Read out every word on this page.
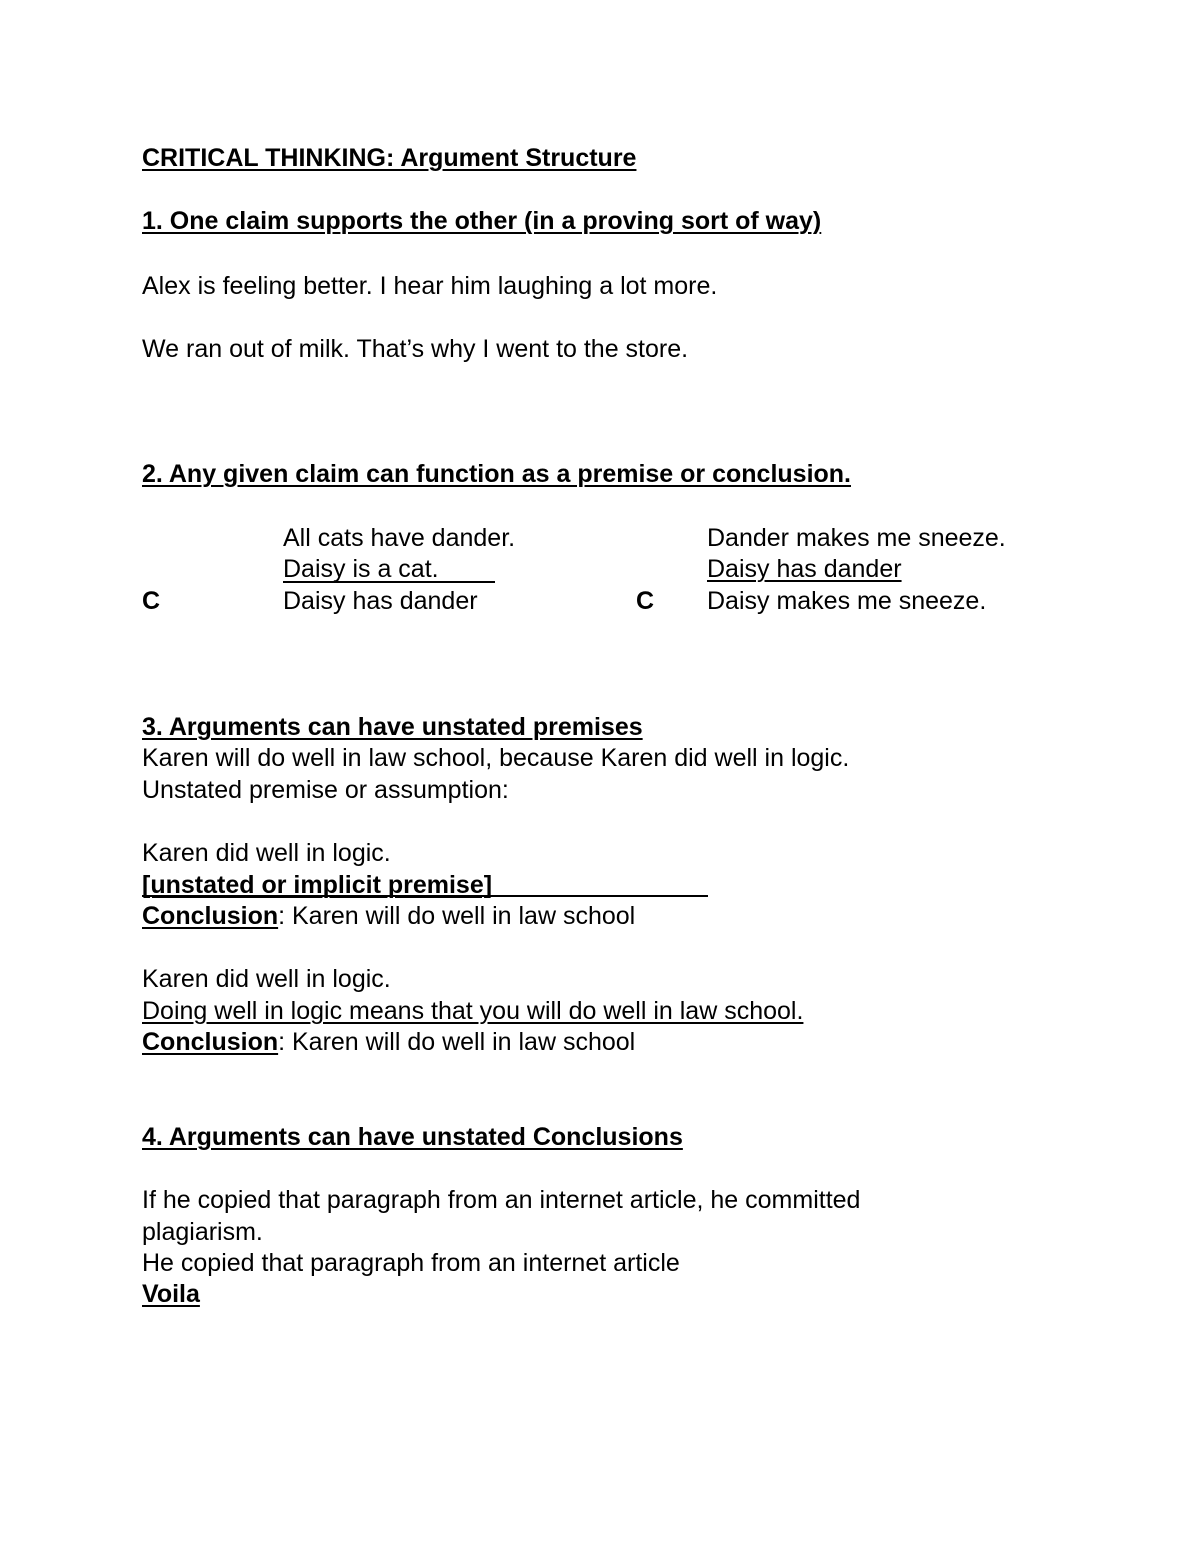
CRITICAL THINKING: Argument Structure

1. One claim supports the other (in a proving sort of way)

Alex is feeling better. I hear him laughing a lot more.

We ran out of milk. That’s why I went to the store.

2. Any given claim can function as a premise or conclusion.

All cats have dander.

Daisy is a cat.

C	Daisy has dander

Dander makes me sneeze.

Daisy has dander

C Daisy makes me sneeze.

3. Arguments can have unstated premises

Karen will do well in law school, because Karen did well in logic.

Unstated premise or assumption:

Karen did well in logic.

[unstated or implicit premise]

Conclusion: Karen will do well in law school

Karen did well in logic.

Doing well in logic means that you will do well in law school.

Conclusion: Karen will do well in law school

4. Arguments can have unstated Conclusions

If he copied that paragraph from an internet article, he committed

plagiarism.

He copied that paragraph from an internet article

Voila
